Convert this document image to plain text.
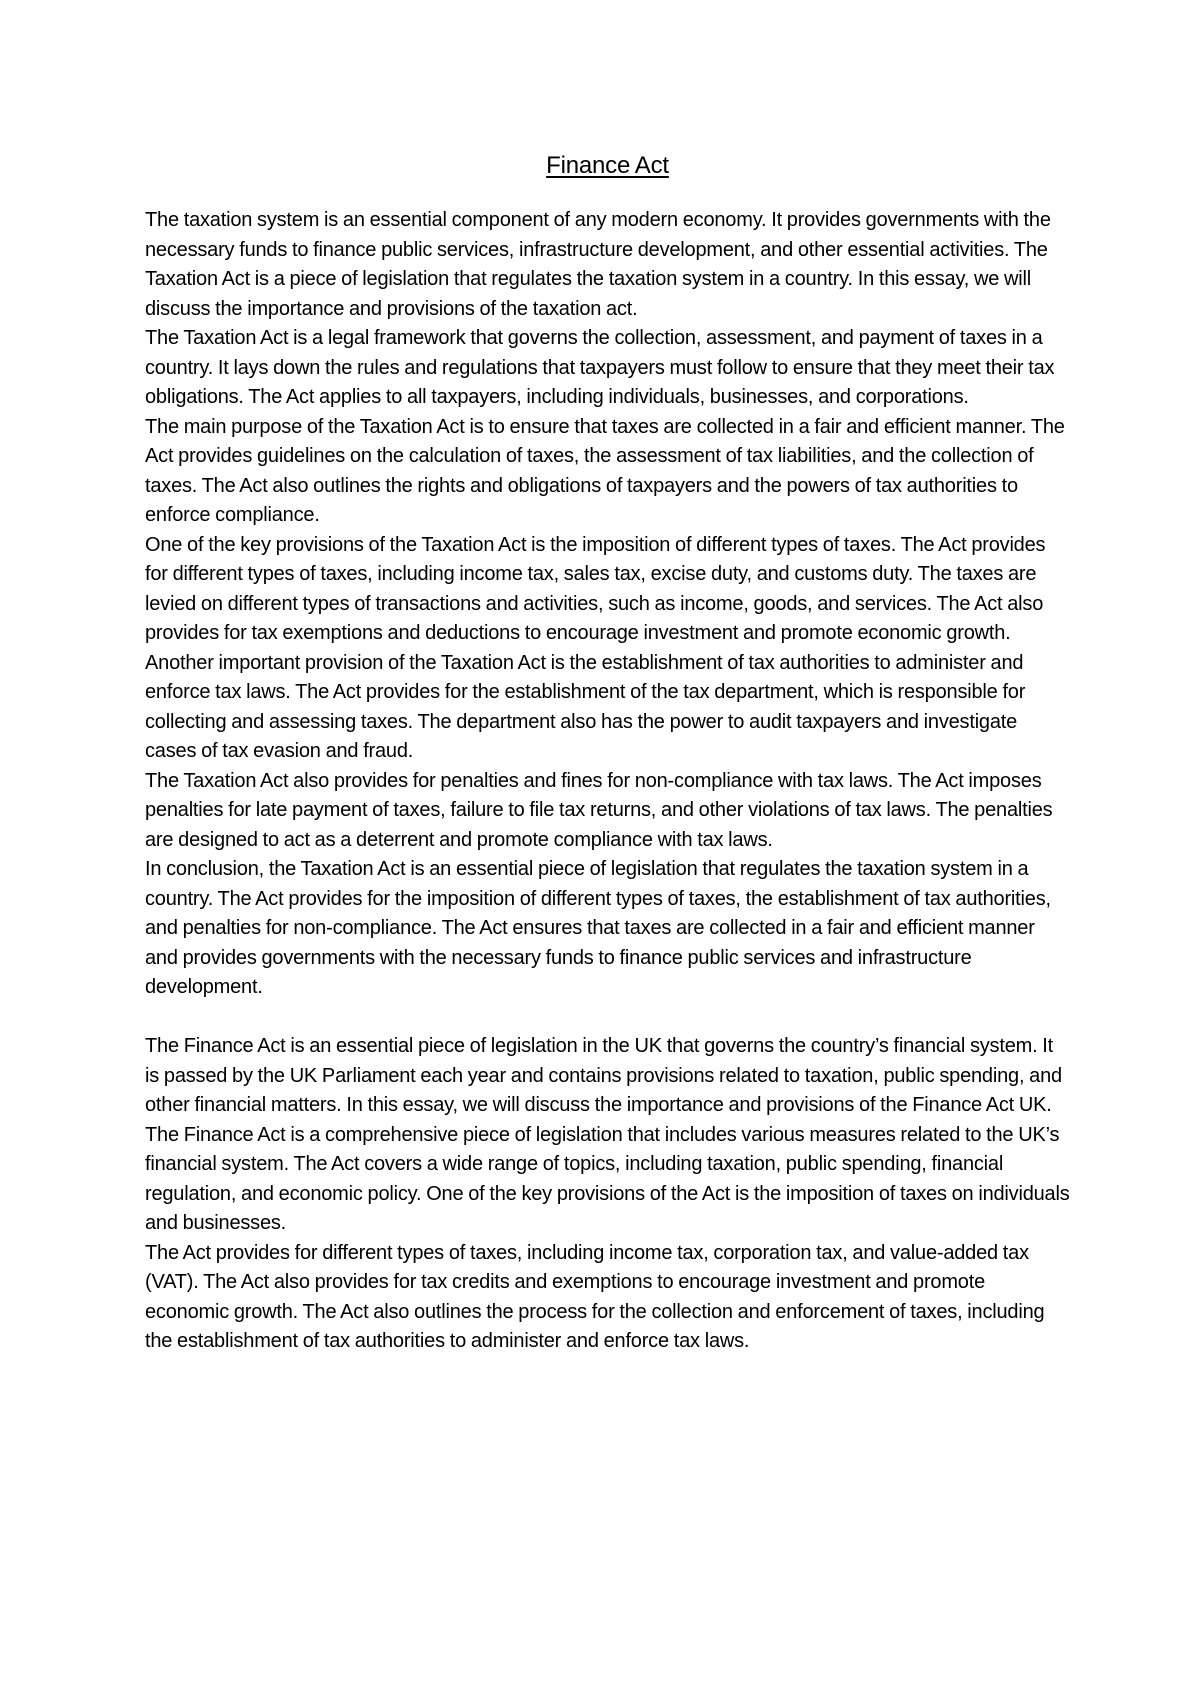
Finance Act

The taxation system is an essential component of any modern economy. It provides governments with the necessary funds to finance public services, infrastructure development, and other essential activities. The Taxation Act is a piece of legislation that regulates the taxation system in a country. In this essay, we will discuss the importance and provisions of the taxation act.

The Taxation Act is a legal framework that governs the collection, assessment, and payment of taxes in a country. It lays down the rules and regulations that taxpayers must follow to ensure that they meet their tax obligations. The Act applies to all taxpayers, including individuals, businesses, and corporations.

The main purpose of the Taxation Act is to ensure that taxes are collected in a fair and efficient manner. The Act provides guidelines on the calculation of taxes, the assessment of tax liabilities, and the collection of taxes. The Act also outlines the rights and obligations of taxpayers and the powers of tax authorities to enforce compliance.

One of the key provisions of the Taxation Act is the imposition of different types of taxes. The Act provides for different types of taxes, including income tax, sales tax, excise duty, and customs duty. The taxes are levied on different types of transactions and activities, such as income, goods, and services. The Act also provides for tax exemptions and deductions to encourage investment and promote economic growth.

Another important provision of the Taxation Act is the establishment of tax authorities to administer and enforce tax laws. The Act provides for the establishment of the tax department, which is responsible for collecting and assessing taxes. The department also has the power to audit taxpayers and investigate cases of tax evasion and fraud.

The Taxation Act also provides for penalties and fines for non-compliance with tax laws. The Act imposes penalties for late payment of taxes, failure to file tax returns, and other violations of tax laws. The penalties are designed to act as a deterrent and promote compliance with tax laws.

In conclusion, the Taxation Act is an essential piece of legislation that regulates the taxation system in a country. The Act provides for the imposition of different types of taxes, the establishment of tax authorities, and penalties for non-compliance. The Act ensures that taxes are collected in a fair and efficient manner and provides governments with the necessary funds to finance public services and infrastructure development.

The Finance Act is an essential piece of legislation in the UK that governs the country’s financial system. It is passed by the UK Parliament each year and contains provisions related to taxation, public spending, and other financial matters. In this essay, we will discuss the importance and provisions of the Finance Act UK.

The Finance Act is a comprehensive piece of legislation that includes various measures related to the UK’s financial system. The Act covers a wide range of topics, including taxation, public spending, financial regulation, and economic policy. One of the key provisions of the Act is the imposition of taxes on individuals and businesses.

The Act provides for different types of taxes, including income tax, corporation tax, and value-added tax (VAT). The Act also provides for tax credits and exemptions to encourage investment and promote economic growth. The Act also outlines the process for the collection and enforcement of taxes, including the establishment of tax authorities to administer and enforce tax laws.
